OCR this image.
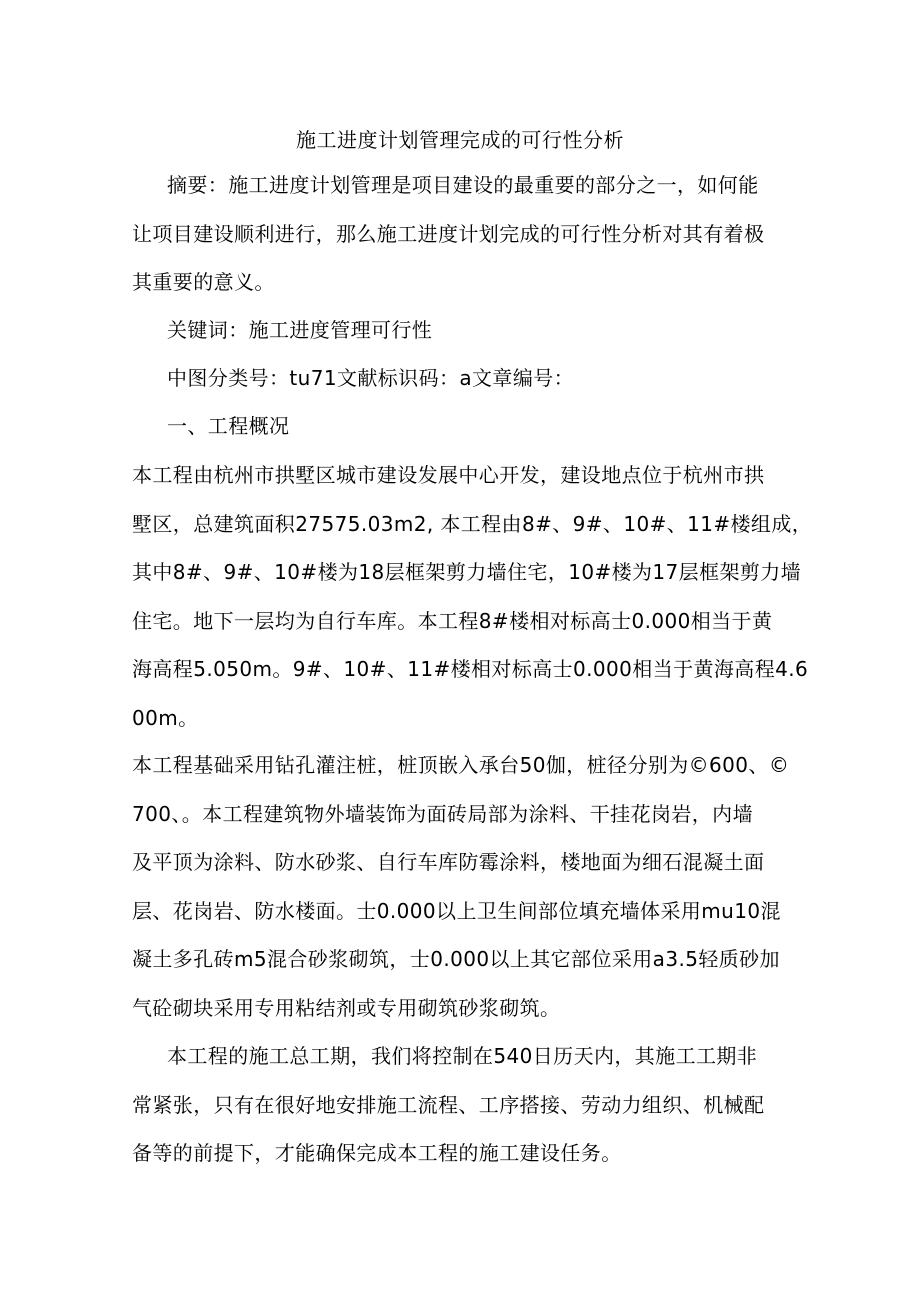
施工进度计划管理完成的可行性分析
摘要：施工进度计划管理是项目建设的最重要的部分之一，如何能
让项目建设顺利进行，那么施工进度计划完成的可行性分析对其有着极
其重要的意义。
关键词：施工进度管理可行性
中图分类号：tu71文献标识码：a文章编号：
一、工程概况
本工程由杭州市拱墅区城市建设发展中心开发，建设地点位于杭州市拱
墅区，总建筑面积27575.03m2, 本工程由8#、9#、10#、11#楼组成，
其中8#、9#、10#楼为18层框架剪力墙住宅，10#楼为17层框架剪力墙
住宅。地下一层均为自行车库。本工程8#楼相对标高士0.000相当于黄
海高程5.050m。9#、10#、11#楼相对标高士0.000相当于黄海高程4.6
00m。
本工程基础采用钻孔灌注桩，桩顶嵌入承台50伽，桩径分别为©600、©
700、。本工程建筑物外墙装饰为面砖局部为涂料、干挂花岗岩，内墙
及平顶为涂料、防水砂浆、自行车库防霉涂料，楼地面为细石混凝土面
层、花岗岩、防水楼面。士0.000以上卫生间部位填充墙体采用mu10混
凝土多孔砖m5混合砂浆砌筑，士0.000以上其它部位采用a3.5轻质砂加
气砼砌块采用专用粘结剂或专用砌筑砂浆砌筑。
本工程的施工总工期，我们将控制在540日历天内，其施工工期非
常紧张，只有在很好地安排施工流程、工序搭接、劳动力组织、机械配
备等的前提下，才能确保完成本工程的施工建设任务。
